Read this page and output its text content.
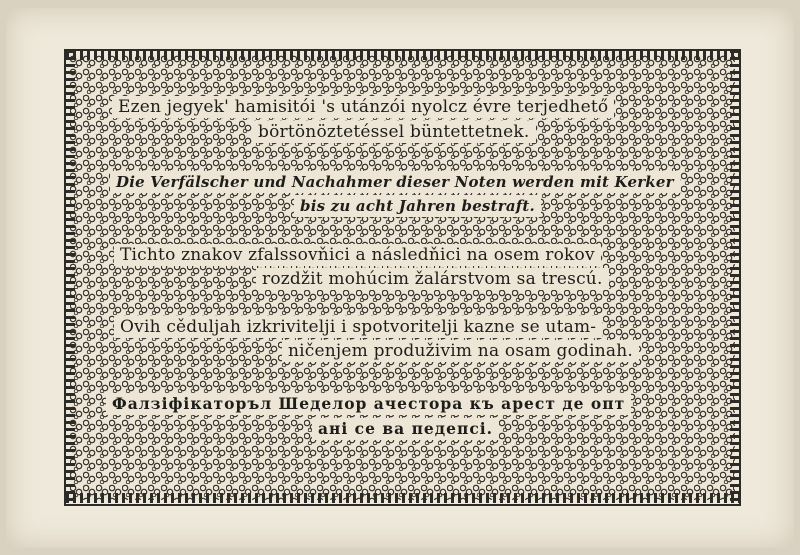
Ezen jegyek' hamisitói 's utánzói nyolcz évre terjedhető
börtönöztetéssel büntettetnek.
Die Verfälscher und Nachahmer dieser Noten werden mit Kerker
bis zu acht Jahren bestraft.
Tichto znakov zfalssovňici a následňici na osem rokov
rozdžit mohúcim žalárstvom sa trescú.
Ovih cěduljah izkrivitelji i spotvoritelji kazne se utam-
ničenjem produživim na osam godinah.
Фалзіфікаторъл Шеделор ачестора къ арест де опт
ані се ва педепсі.
